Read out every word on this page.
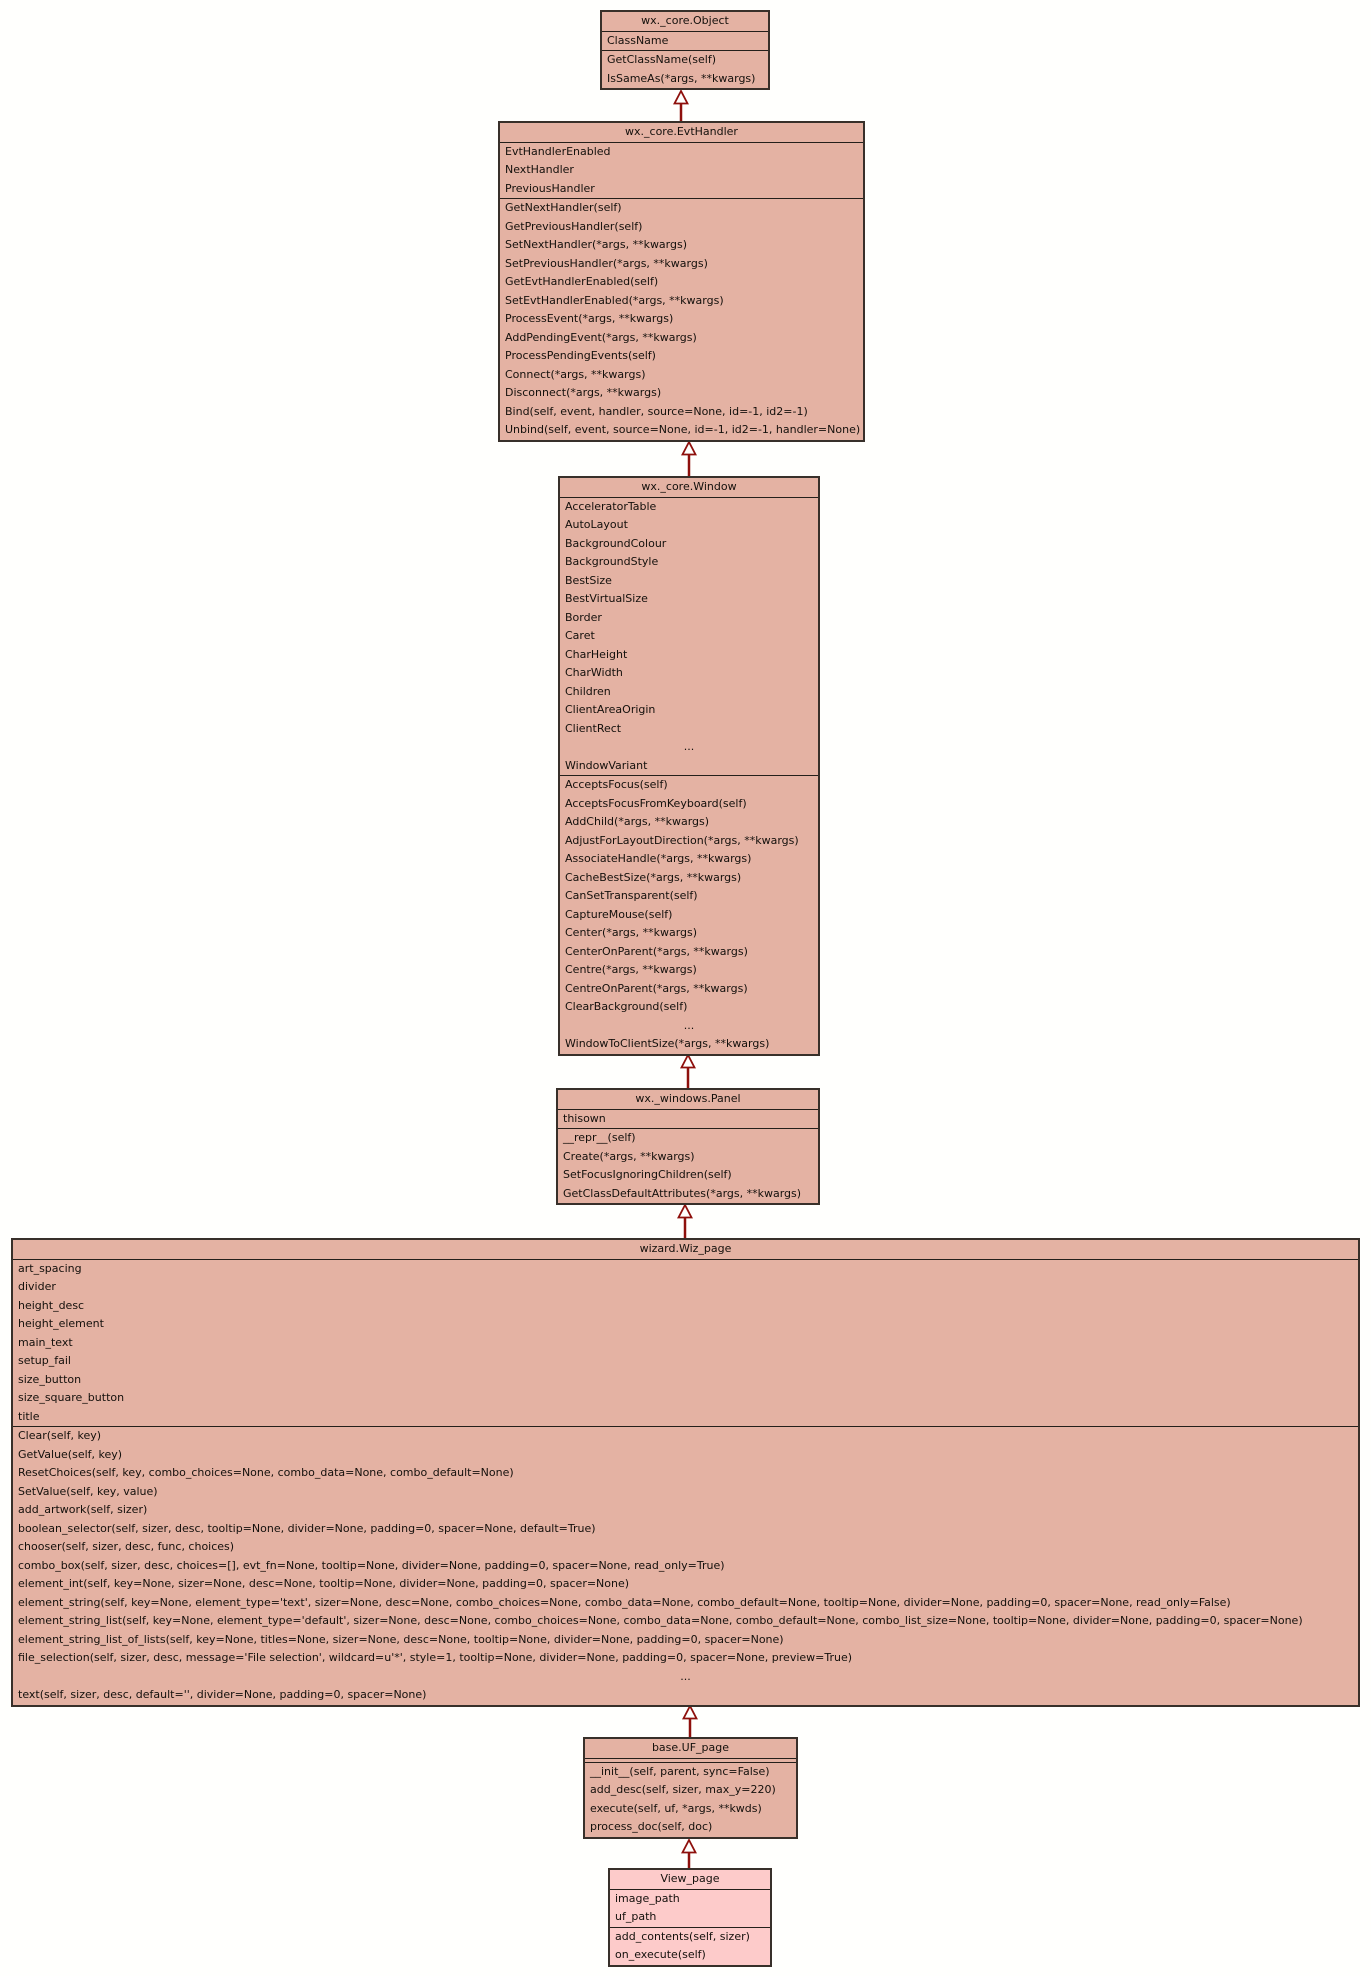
wx._core.Object
ClassName
GetClassName(self)
IsSameAs(*args, **kwargs)
wx._core.EvtHandler
EvtHandlerEnabled
NextHandler
PreviousHandler
GetNextHandler(self)
GetPreviousHandler(self)
SetNextHandler(*args, **kwargs)
SetPreviousHandler(*args, **kwargs)
GetEvtHandlerEnabled(self)
SetEvtHandlerEnabled(*args, **kwargs)
ProcessEvent(*args, **kwargs)
AddPendingEvent(*args, **kwargs)
ProcessPendingEvents(self)
Connect(*args, **kwargs)
Disconnect(*args, **kwargs)
Bind(self, event, handler, source=None, id=-1, id2=-1)
Unbind(self, event, source=None, id=-1, id2=-1, handler=None)
wx._core.Window
AcceleratorTable
AutoLayout
BackgroundColour
BackgroundStyle
BestSize
BestVirtualSize
Border
Caret
CharHeight
CharWidth
Children
ClientAreaOrigin
ClientRect
...
WindowVariant
AcceptsFocus(self)
AcceptsFocusFromKeyboard(self)
AddChild(*args, **kwargs)
AdjustForLayoutDirection(*args, **kwargs)
AssociateHandle(*args, **kwargs)
CacheBestSize(*args, **kwargs)
CanSetTransparent(self)
CaptureMouse(self)
Center(*args, **kwargs)
CenterOnParent(*args, **kwargs)
Centre(*args, **kwargs)
CentreOnParent(*args, **kwargs)
ClearBackground(self)
...
WindowToClientSize(*args, **kwargs)
wx._windows.Panel
thisown
__repr__(self)
Create(*args, **kwargs)
SetFocusIgnoringChildren(self)
GetClassDefaultAttributes(*args, **kwargs)
wizard.Wiz_page
art_spacing
divider
height_desc
height_element
main_text
setup_fail
size_button
size_square_button
title
Clear(self, key)
GetValue(self, key)
ResetChoices(self, key, combo_choices=None, combo_data=None, combo_default=None)
SetValue(self, key, value)
add_artwork(self, sizer)
boolean_selector(self, sizer, desc, tooltip=None, divider=None, padding=0, spacer=None, default=True)
chooser(self, sizer, desc, func, choices)
combo_box(self, sizer, desc, choices=[], evt_fn=None, tooltip=None, divider=None, padding=0, spacer=None, read_only=True)
element_int(self, key=None, sizer=None, desc=None, tooltip=None, divider=None, padding=0, spacer=None)
element_string(self, key=None, element_type='text', sizer=None, desc=None, combo_choices=None, combo_data=None, combo_default=None, tooltip=None, divider=None, padding=0, spacer=None, read_only=False)
element_string_list(self, key=None, element_type='default', sizer=None, desc=None, combo_choices=None, combo_data=None, combo_default=None, combo_list_size=None, tooltip=None, divider=None, padding=0, spacer=None)
element_string_list_of_lists(self, key=None, titles=None, sizer=None, desc=None, tooltip=None, divider=None, padding=0, spacer=None)
file_selection(self, sizer, desc, message='File selection', wildcard=u'*', style=1, tooltip=None, divider=None, padding=0, spacer=None, preview=True)
...
text(self, sizer, desc, default='', divider=None, padding=0, spacer=None)
base.UF_page
__init__(self, parent, sync=False)
add_desc(self, sizer, max_y=220)
execute(self, uf, *args, **kwds)
process_doc(self, doc)
View_page
image_path
uf_path
add_contents(self, sizer)
on_execute(self)
